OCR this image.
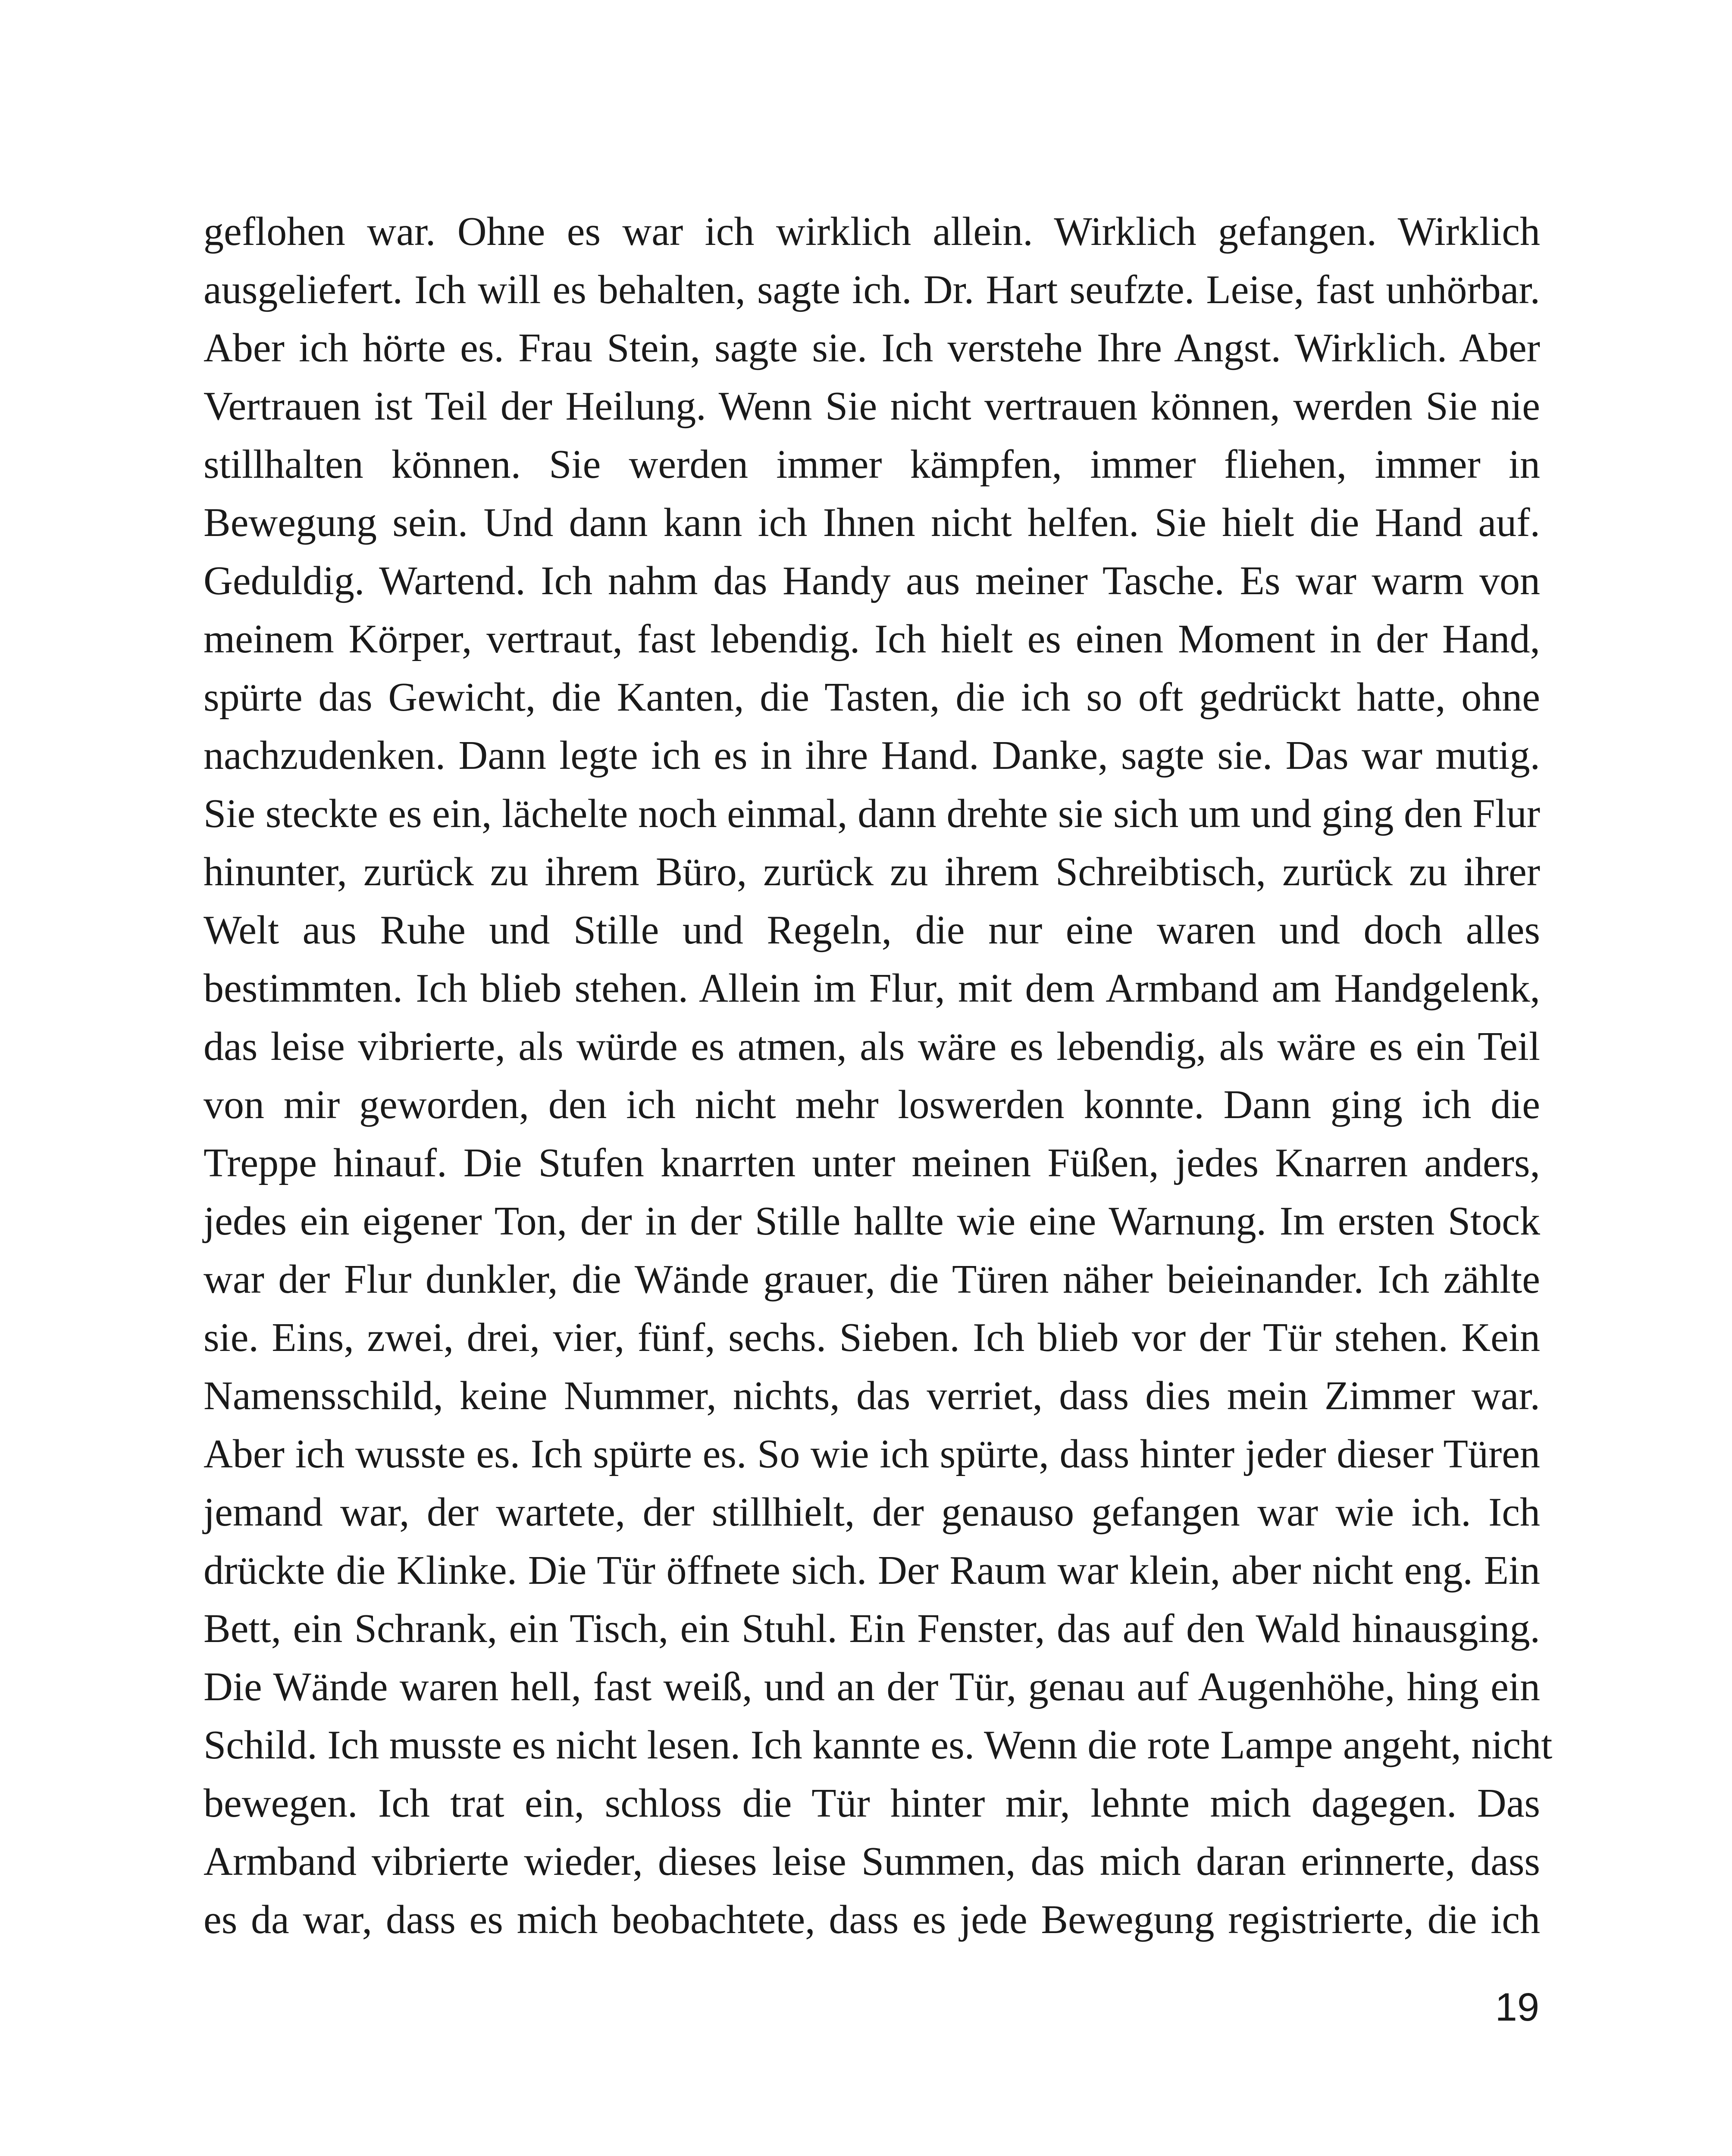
geflohen war. Ohne es war ich wirklich allein. Wirklich gefangen. Wirklich
ausgeliefert. Ich will es behalten, sagte ich. Dr. Hart seufzte. Leise, fast unhörbar.
Aber ich hörte es. Frau Stein, sagte sie. Ich verstehe Ihre Angst. Wirklich. Aber
Vertrauen ist Teil der Heilung. Wenn Sie nicht vertrauen können, werden Sie nie
stillhalten können. Sie werden immer kämpfen, immer fliehen, immer in
Bewegung sein. Und dann kann ich Ihnen nicht helfen. Sie hielt die Hand auf.
Geduldig. Wartend. Ich nahm das Handy aus meiner Tasche. Es war warm von
meinem Körper, vertraut, fast lebendig. Ich hielt es einen Moment in der Hand,
spürte das Gewicht, die Kanten, die Tasten, die ich so oft gedrückt hatte, ohne
nachzudenken. Dann legte ich es in ihre Hand. Danke, sagte sie. Das war mutig.
Sie steckte es ein, lächelte noch einmal, dann drehte sie sich um und ging den Flur
hinunter, zurück zu ihrem Büro, zurück zu ihrem Schreibtisch, zurück zu ihrer
Welt aus Ruhe und Stille und Regeln, die nur eine waren und doch alles
bestimmten. Ich blieb stehen. Allein im Flur, mit dem Armband am Handgelenk,
das leise vibrierte, als würde es atmen, als wäre es lebendig, als wäre es ein Teil
von mir geworden, den ich nicht mehr loswerden konnte. Dann ging ich die
Treppe hinauf. Die Stufen knarrten unter meinen Füßen, jedes Knarren anders,
jedes ein eigener Ton, der in der Stille hallte wie eine Warnung. Im ersten Stock
war der Flur dunkler, die Wände grauer, die Türen näher beieinander. Ich zählte
sie. Eins, zwei, drei, vier, fünf, sechs. Sieben. Ich blieb vor der Tür stehen. Kein
Namensschild, keine Nummer, nichts, das verriet, dass dies mein Zimmer war.
Aber ich wusste es. Ich spürte es. So wie ich spürte, dass hinter jeder dieser Türen
jemand war, der wartete, der stillhielt, der genauso gefangen war wie ich. Ich
drückte die Klinke. Die Tür öffnete sich. Der Raum war klein, aber nicht eng. Ein
Bett, ein Schrank, ein Tisch, ein Stuhl. Ein Fenster, das auf den Wald hinausging.
Die Wände waren hell, fast weiß, und an der Tür, genau auf Augenhöhe, hing ein
Schild. Ich musste es nicht lesen. Ich kannte es. Wenn die rote Lampe angeht, nicht
bewegen. Ich trat ein, schloss die Tür hinter mir, lehnte mich dagegen. Das
Armband vibrierte wieder, dieses leise Summen, das mich daran erinnerte, dass
es da war, dass es mich beobachtete, dass es jede Bewegung registrierte, die ich
19
